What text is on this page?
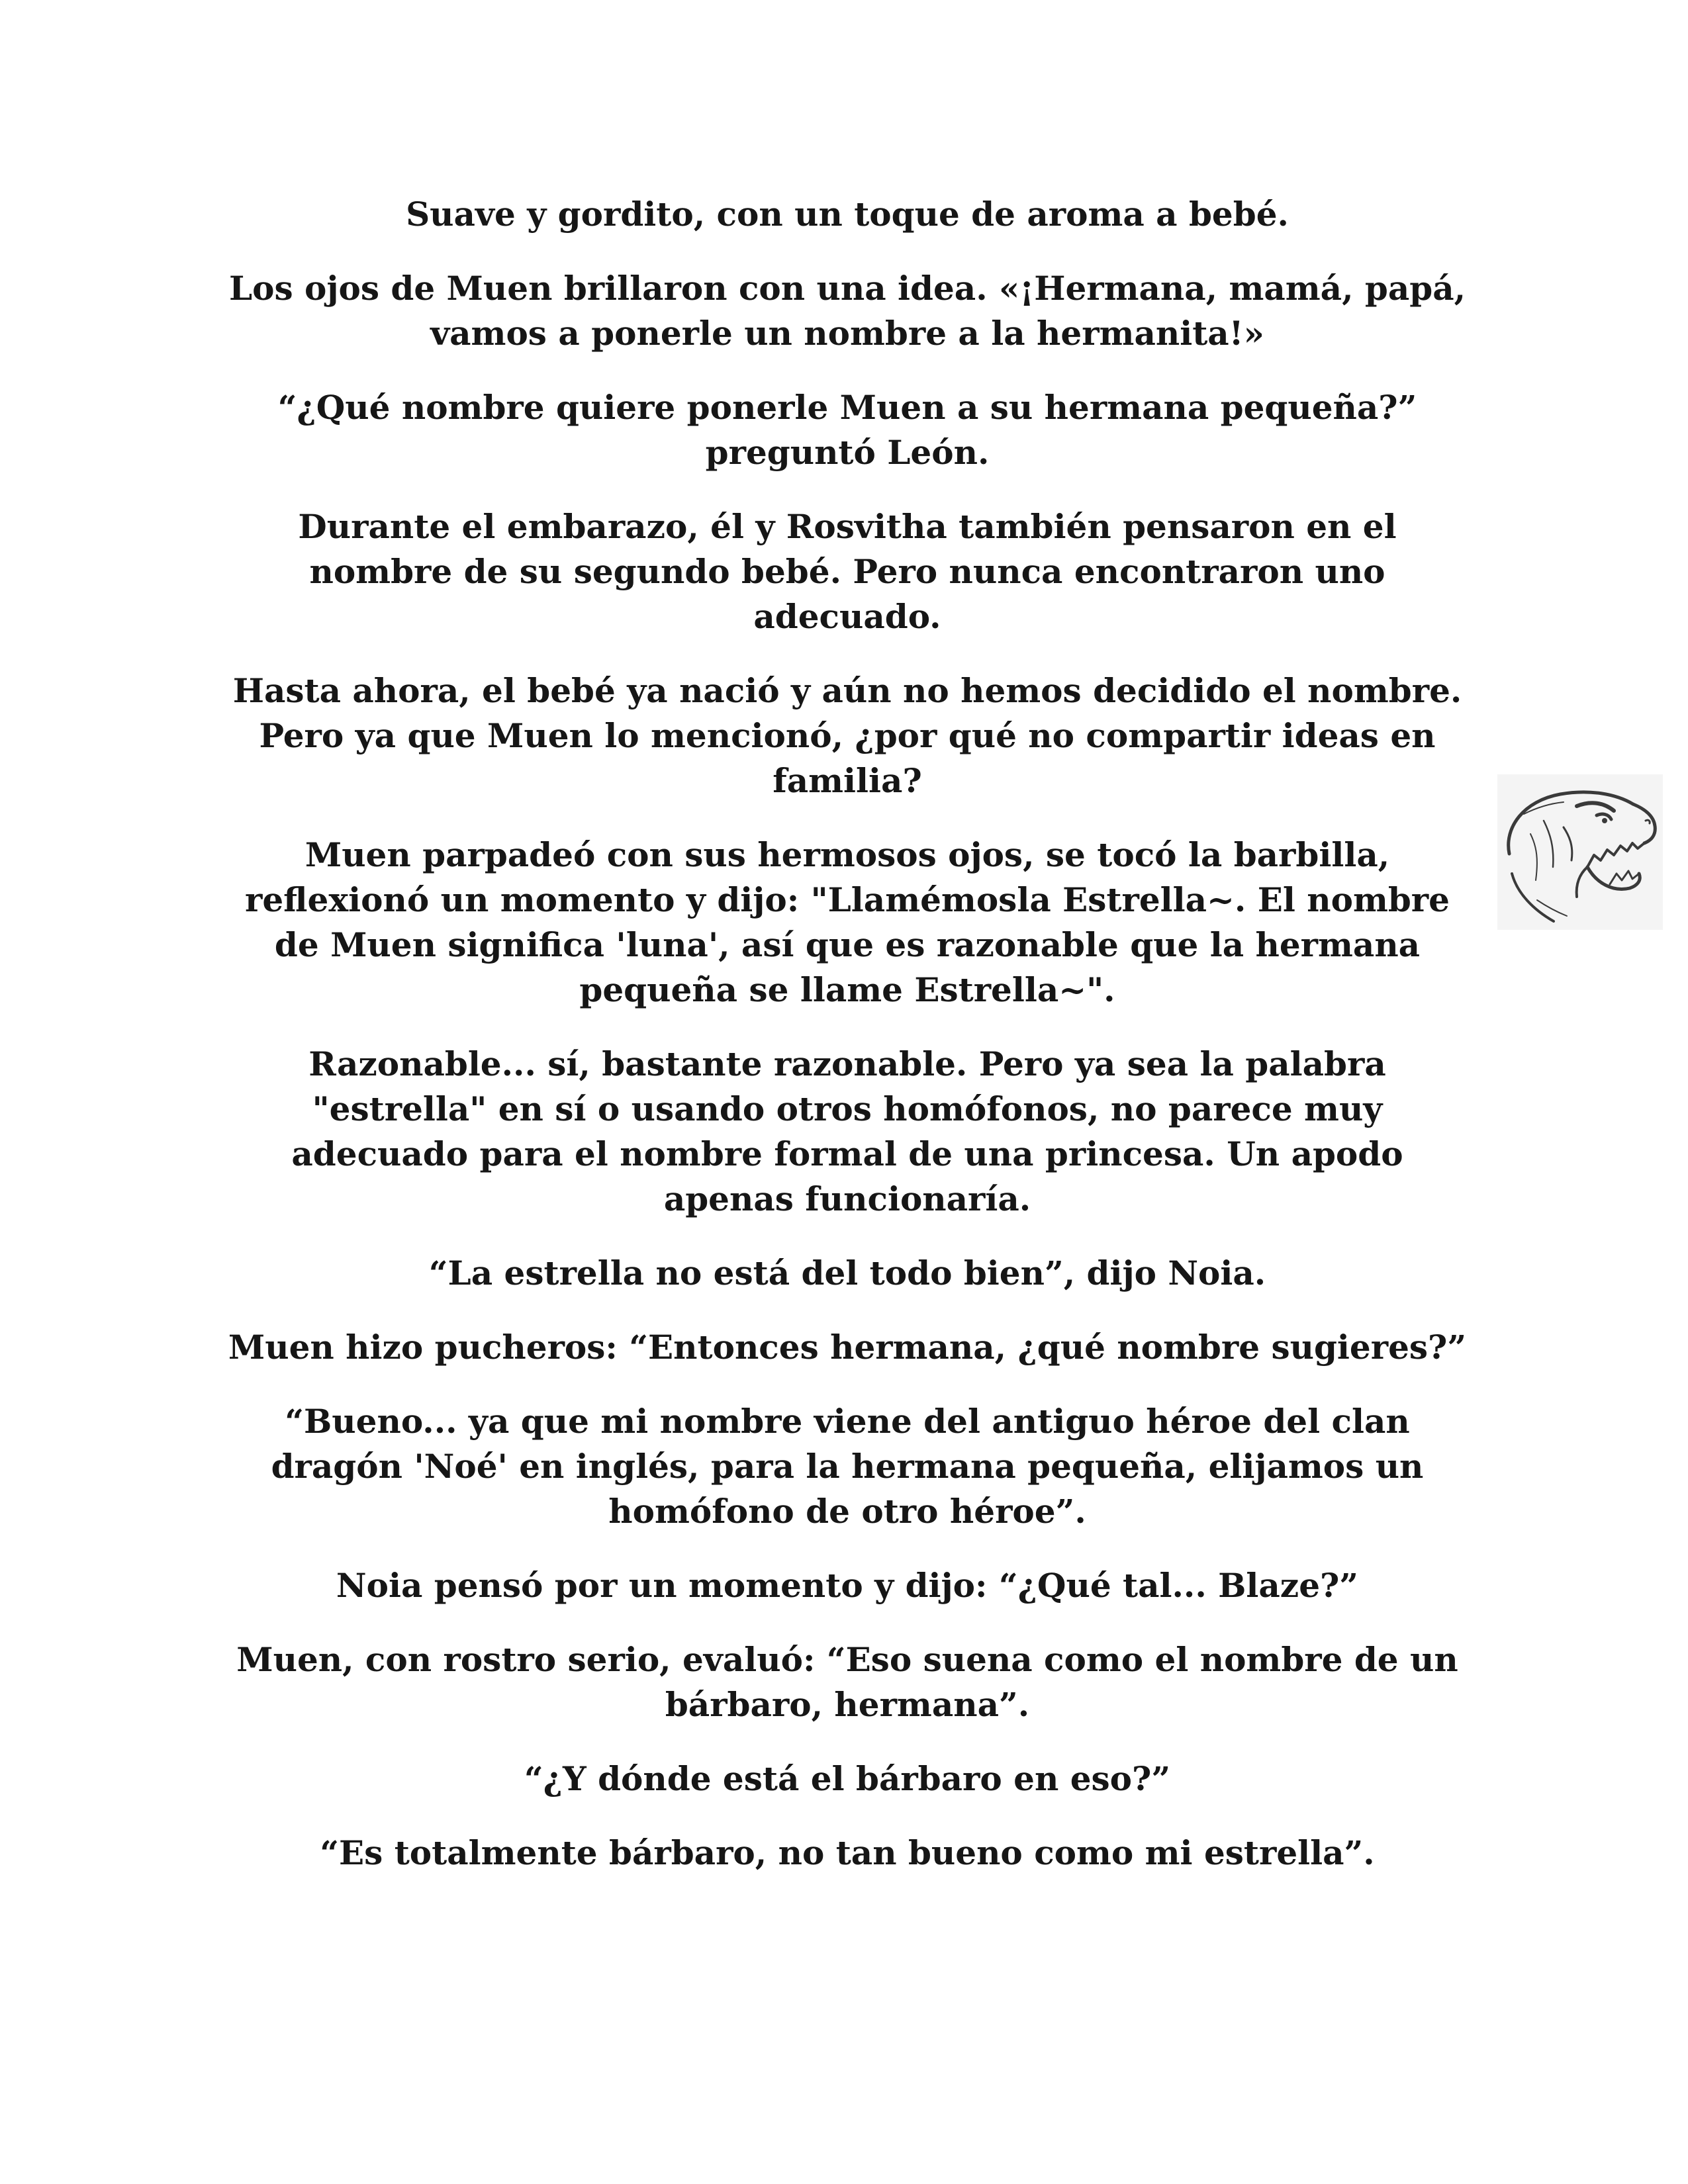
Suave y gordito, con un toque de aroma a bebé.

Los ojos de Muen brillaron con una idea. «¡Hermana, mamá, papá, vamos a ponerle un nombre a la hermanita!»

“¿Qué nombre quiere ponerle Muen a su hermana pequeña?” preguntó León.

Durante el embarazo, él y Rosvitha también pensaron en el nombre de su segundo bebé. Pero nunca encontraron uno adecuado.

Hasta ahora, el bebé ya nació y aún no hemos decidido el nombre. Pero ya que Muen lo mencionó, ¿por qué no compartir ideas en familia?

Muen parpadeó con sus hermosos ojos, se tocó la barbilla, reflexionó un momento y dijo: "Llamémosla Estrella~. El nombre de Muen significa 'luna', así que es razonable que la hermana pequeña se llame Estrella~".

Razonable... sí, bastante razonable. Pero ya sea la palabra "estrella" en sí o usando otros homófonos, no parece muy adecuado para el nombre formal de una princesa. Un apodo apenas funcionaría.

“La estrella no está del todo bien”, dijo Noia.

Muen hizo pucheros: “Entonces hermana, ¿qué nombre sugieres?”

“Bueno... ya que mi nombre viene del antiguo héroe del clan dragón 'Noé' en inglés, para la hermana pequeña, elijamos un homófono de otro héroe”.

Noia pensó por un momento y dijo: “¿Qué tal... Blaze?”

Muen, con rostro serio, evaluó: “Eso suena como el nombre de un bárbaro, hermana”.

“¿Y dónde está el bárbaro en eso?”

“Es totalmente bárbaro, no tan bueno como mi estrella”.
